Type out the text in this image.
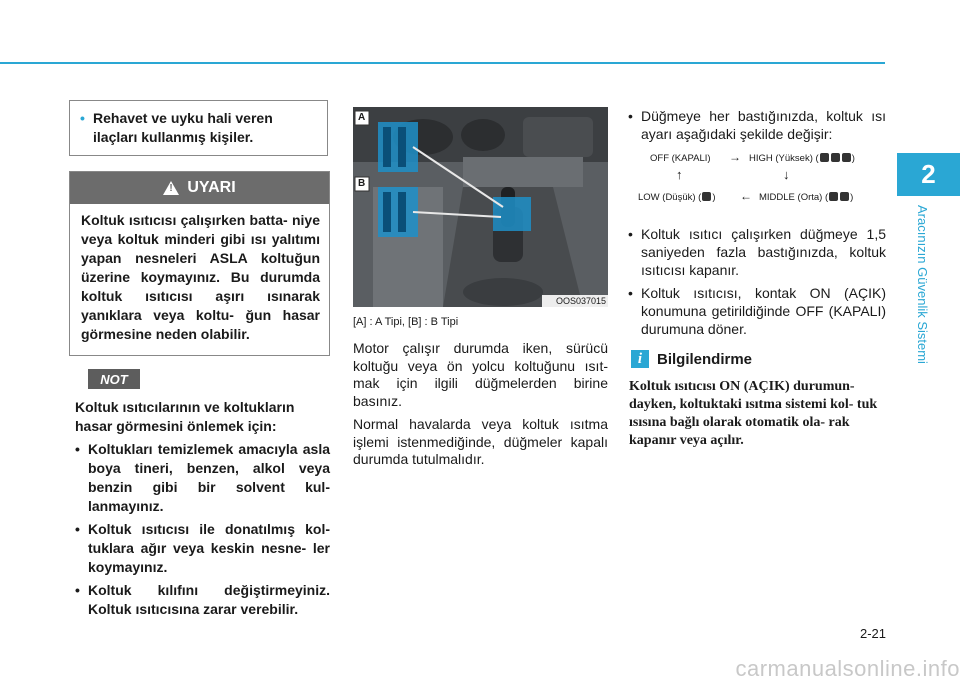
2
Aracınızın Güvenlik Sistemi
• Rehavet ve uyku hali veren ilaçları kullanmış kişiler.
!
UYARI
Koltuk ısıtıcısı çalışırken batta- niye veya koltuk minderi gibi ısı yalıtımı yapan nesneleri ASLA koltuğun üzerine koymayınız. Bu durumda koltuk ısıtıcısı aşırı ısınarak yanıklara veya koltu- ğun hasar görmesine neden olabilir.
NOT

Koltuk ısıtıcılarının ve koltukların hasar görmesini önlemek için:

• Koltukları temizlemek amacıyla asla boya tineri, benzen, alkol veya benzin gibi bir solvent kul- lanmayınız.
• Koltuk ısıtıcısı ile donatılmış kol- tuklara ağır veya keskin nesne- ler koymayınız.
• Koltuk kılıfını değiştirmeyiniz. Koltuk ısıtıcısına zarar verebilir.
A
B
OOS037015
[A] : A Tipi, [B] : B Tipi

Motor çalışır durumda iken, sürücü koltuğu veya ön yolcu koltuğunu ısıt- mak için ilgili düğmelerden birine basınız.

Normal havalarda veya koltuk ısıtma işlemi istenmediğinde, düğmeler kapalı durumda tutulmalıdır.

• Düğmeye her bastığınızda, koltuk ısı ayarı aşağıdaki şekilde değişir:
OFF (KAPALI) → HIGH (Yüksek) (	)
↑	↓
LOW (Düşük) ( ) ← MIDDLE (Orta) ( )
• Koltuk ısıtıcı çalışırken düğmeye 1,5 saniyeden fazla bastığınızda, koltuk ısıtıcısı kapanır.
• Koltuk ısıtıcısı, kontak ON (AÇIK) konumuna getirildiğinde OFF (KAPALI) durumuna döner.
i Bilgilendirme
Koltuk ısıtıcısı ON (AÇIK) durumun- dayken, koltuktaki ısıtma sistemi kol- tuk ısısına bağlı olarak otomatik ola- rak kapanır veya açılır.
2-21
carmanualsonline.info
